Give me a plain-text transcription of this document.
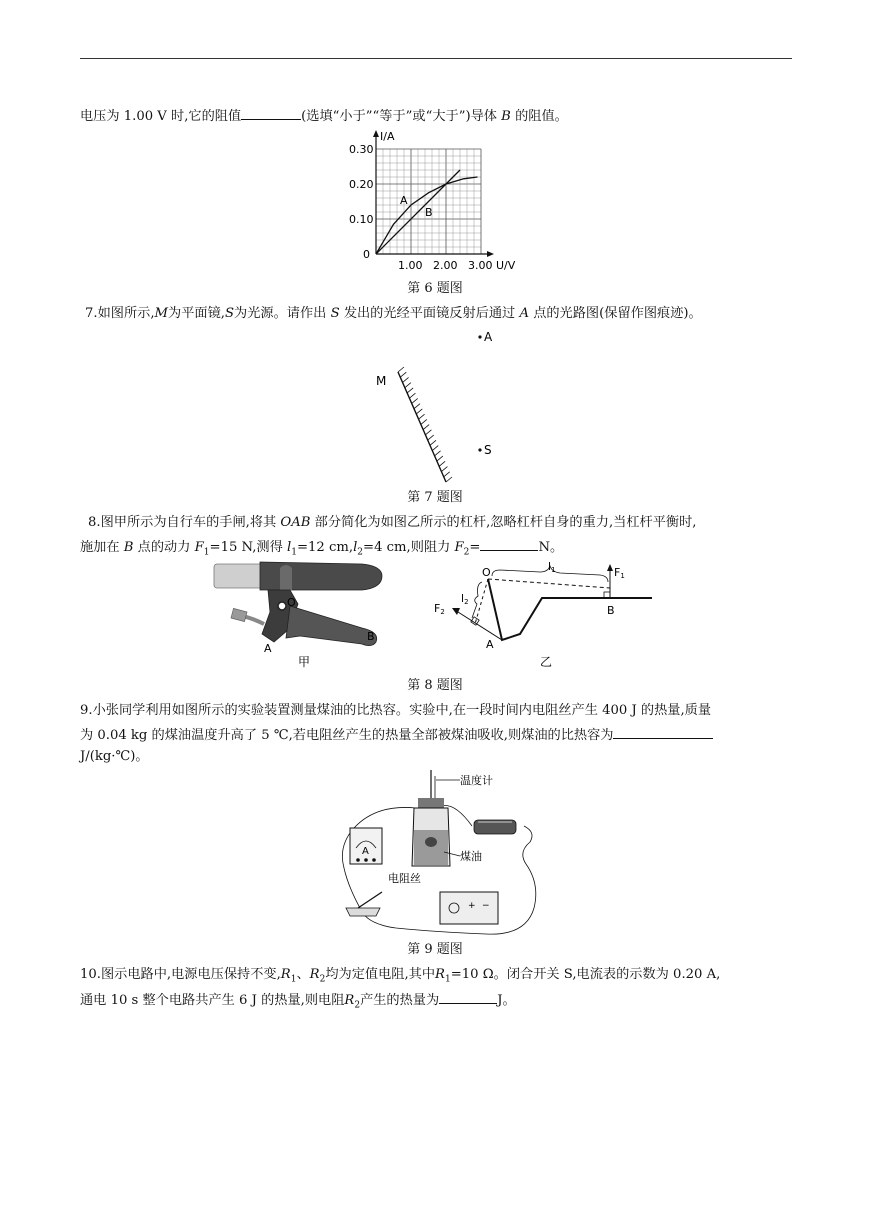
电压为 1.00 V 时,它的阻值	(选填“小于”“等于”或“大于”)导体 B 的阻值。
I/A
U/V
0
0.30
0.20
0.10
1.00 2.00 3.00
A
B
第 6 题图
7.如图所示,M为平面镜,S为光源。请作出 S 发出的光经平面镜反射后通过 A 点的光路图(保留作图痕迹)。
A
M
S
第 7 题图
8.图甲所示为自行车的手闸,将其 OAB 部分简化为如图乙所示的杠杆,忽略杠杆自身的重力,当杠杆平衡时,
施加在 B 点的动力 $F_1=15$ N,测得 $l_1=12$ $cm,l_2=4$ cm,则阻力 $F_2=$	N。
O
A
B
甲
O	l1	F1
l2
F2
A
B
乙
第 8 题图
9.小张同学利用如图所示的实验装置测量煤油的比热容。实验中,在一段时间内电阻丝产生 400 J 的热量,质量
为 0.04 kg 的煤油温度升高了 5 ℃,若电阻丝产生的热量全部被煤油吸收,则煤油的比热容为
J/(kg·℃)。
温度计
煤油
电阻丝
A
+ −
第 9 题图
10.图示电路中,电源电压保持不变$,R_1$、$R_2$均为定值电阻,其中$R_1=10$ Ω。闭合开关 S,电流表的示数为 0.20 A,
通电 10 s 整个电路共产生 6 J 的热量,则电阻$R_2$产生的热量为	J。
